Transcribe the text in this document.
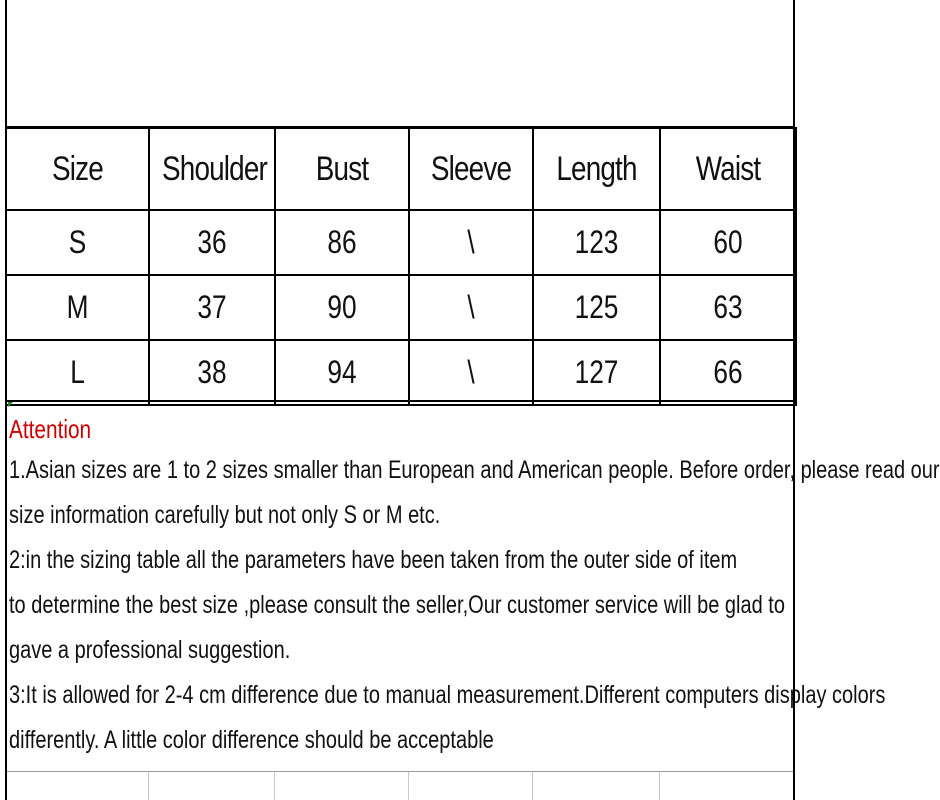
Size	Shoulder	Bust	Sleeve	Length	Waist
S	36	86	\	123	60
M	37	90	\	125	63
L	38	94	\	127	66
Attention
1.Asian sizes are 1 to 2 sizes smaller than European and American people. Before order, please read our
size information carefully but not only S or M etc.
2:in the sizing table all the parameters have been taken from the outer side of item
to determine the best size ,please consult the seller,Our customer service will be glad to
gave a professional suggestion.
3:It is allowed for 2-4 cm difference due to manual measurement.Different computers display colors
differently. A little color difference should be acceptable
